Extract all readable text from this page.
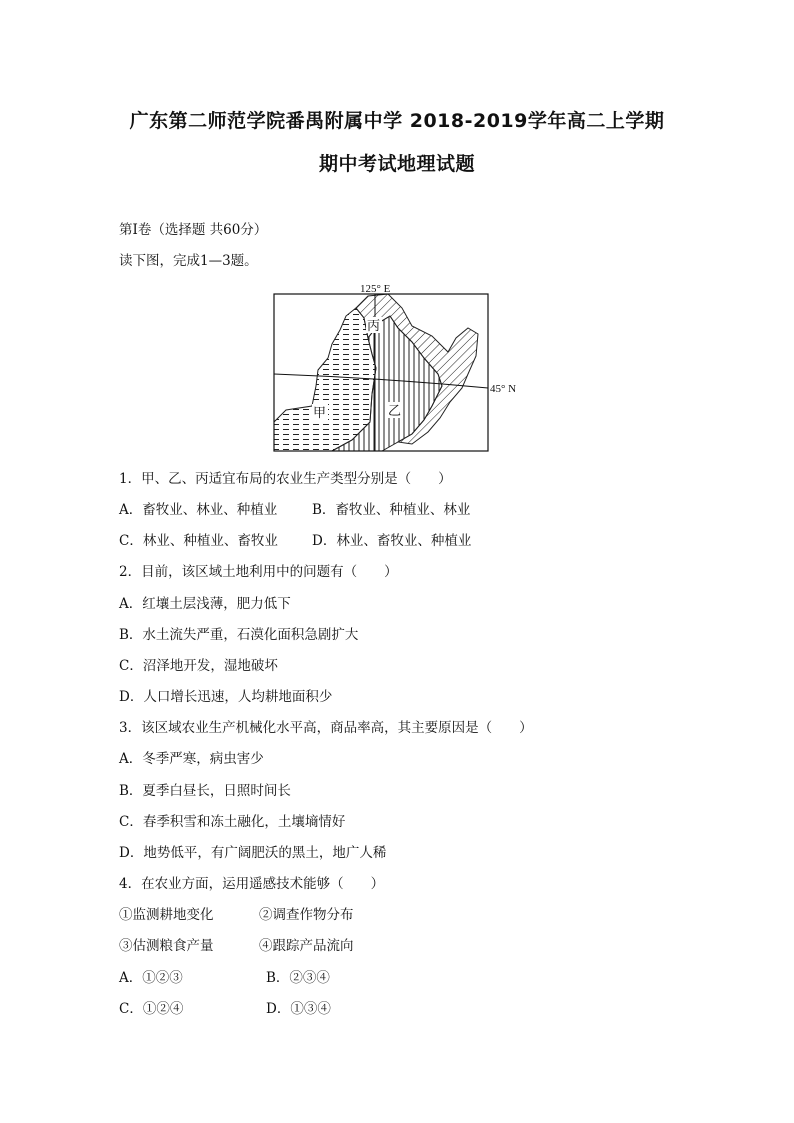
广东第二师范学院番禺附属中学 2018-2019学年高二上学期
期中考试地理试题
第Ⅰ卷（选择题 共60分）
读下图，完成1—3题。
125° E
45° N
甲	乙
丙
1．甲、乙、丙适宜布局的农业生产类型分别是（　　）
A．畜牧业、林业、种植业	B．畜牧业、种植业、林业
C．林业、种植业、畜牧业	D．林业、畜牧业、种植业
2．目前，该区域土地利用中的问题有（　　）
A．红壤土层浅薄，肥力低下
B．水土流失严重，石漠化面积急剧扩大
C．沼泽地开发，湿地破坏
D．人口增长迅速，人均耕地面积少
3．该区域农业生产机械化水平高，商品率高，其主要原因是（　　）
A．冬季严寒，病虫害少
B．夏季白昼长，日照时间长
C．春季积雪和冻土融化，土壤墒情好
D．地势低平，有广阔肥沃的黑土，地广人稀
4．在农业方面，运用遥感技术能够（　　）
①监测耕地变化	②调查作物分布
③估测粮食产量	④跟踪产品流向
A．①②③	B．②③④
C．①②④	D．①③④
